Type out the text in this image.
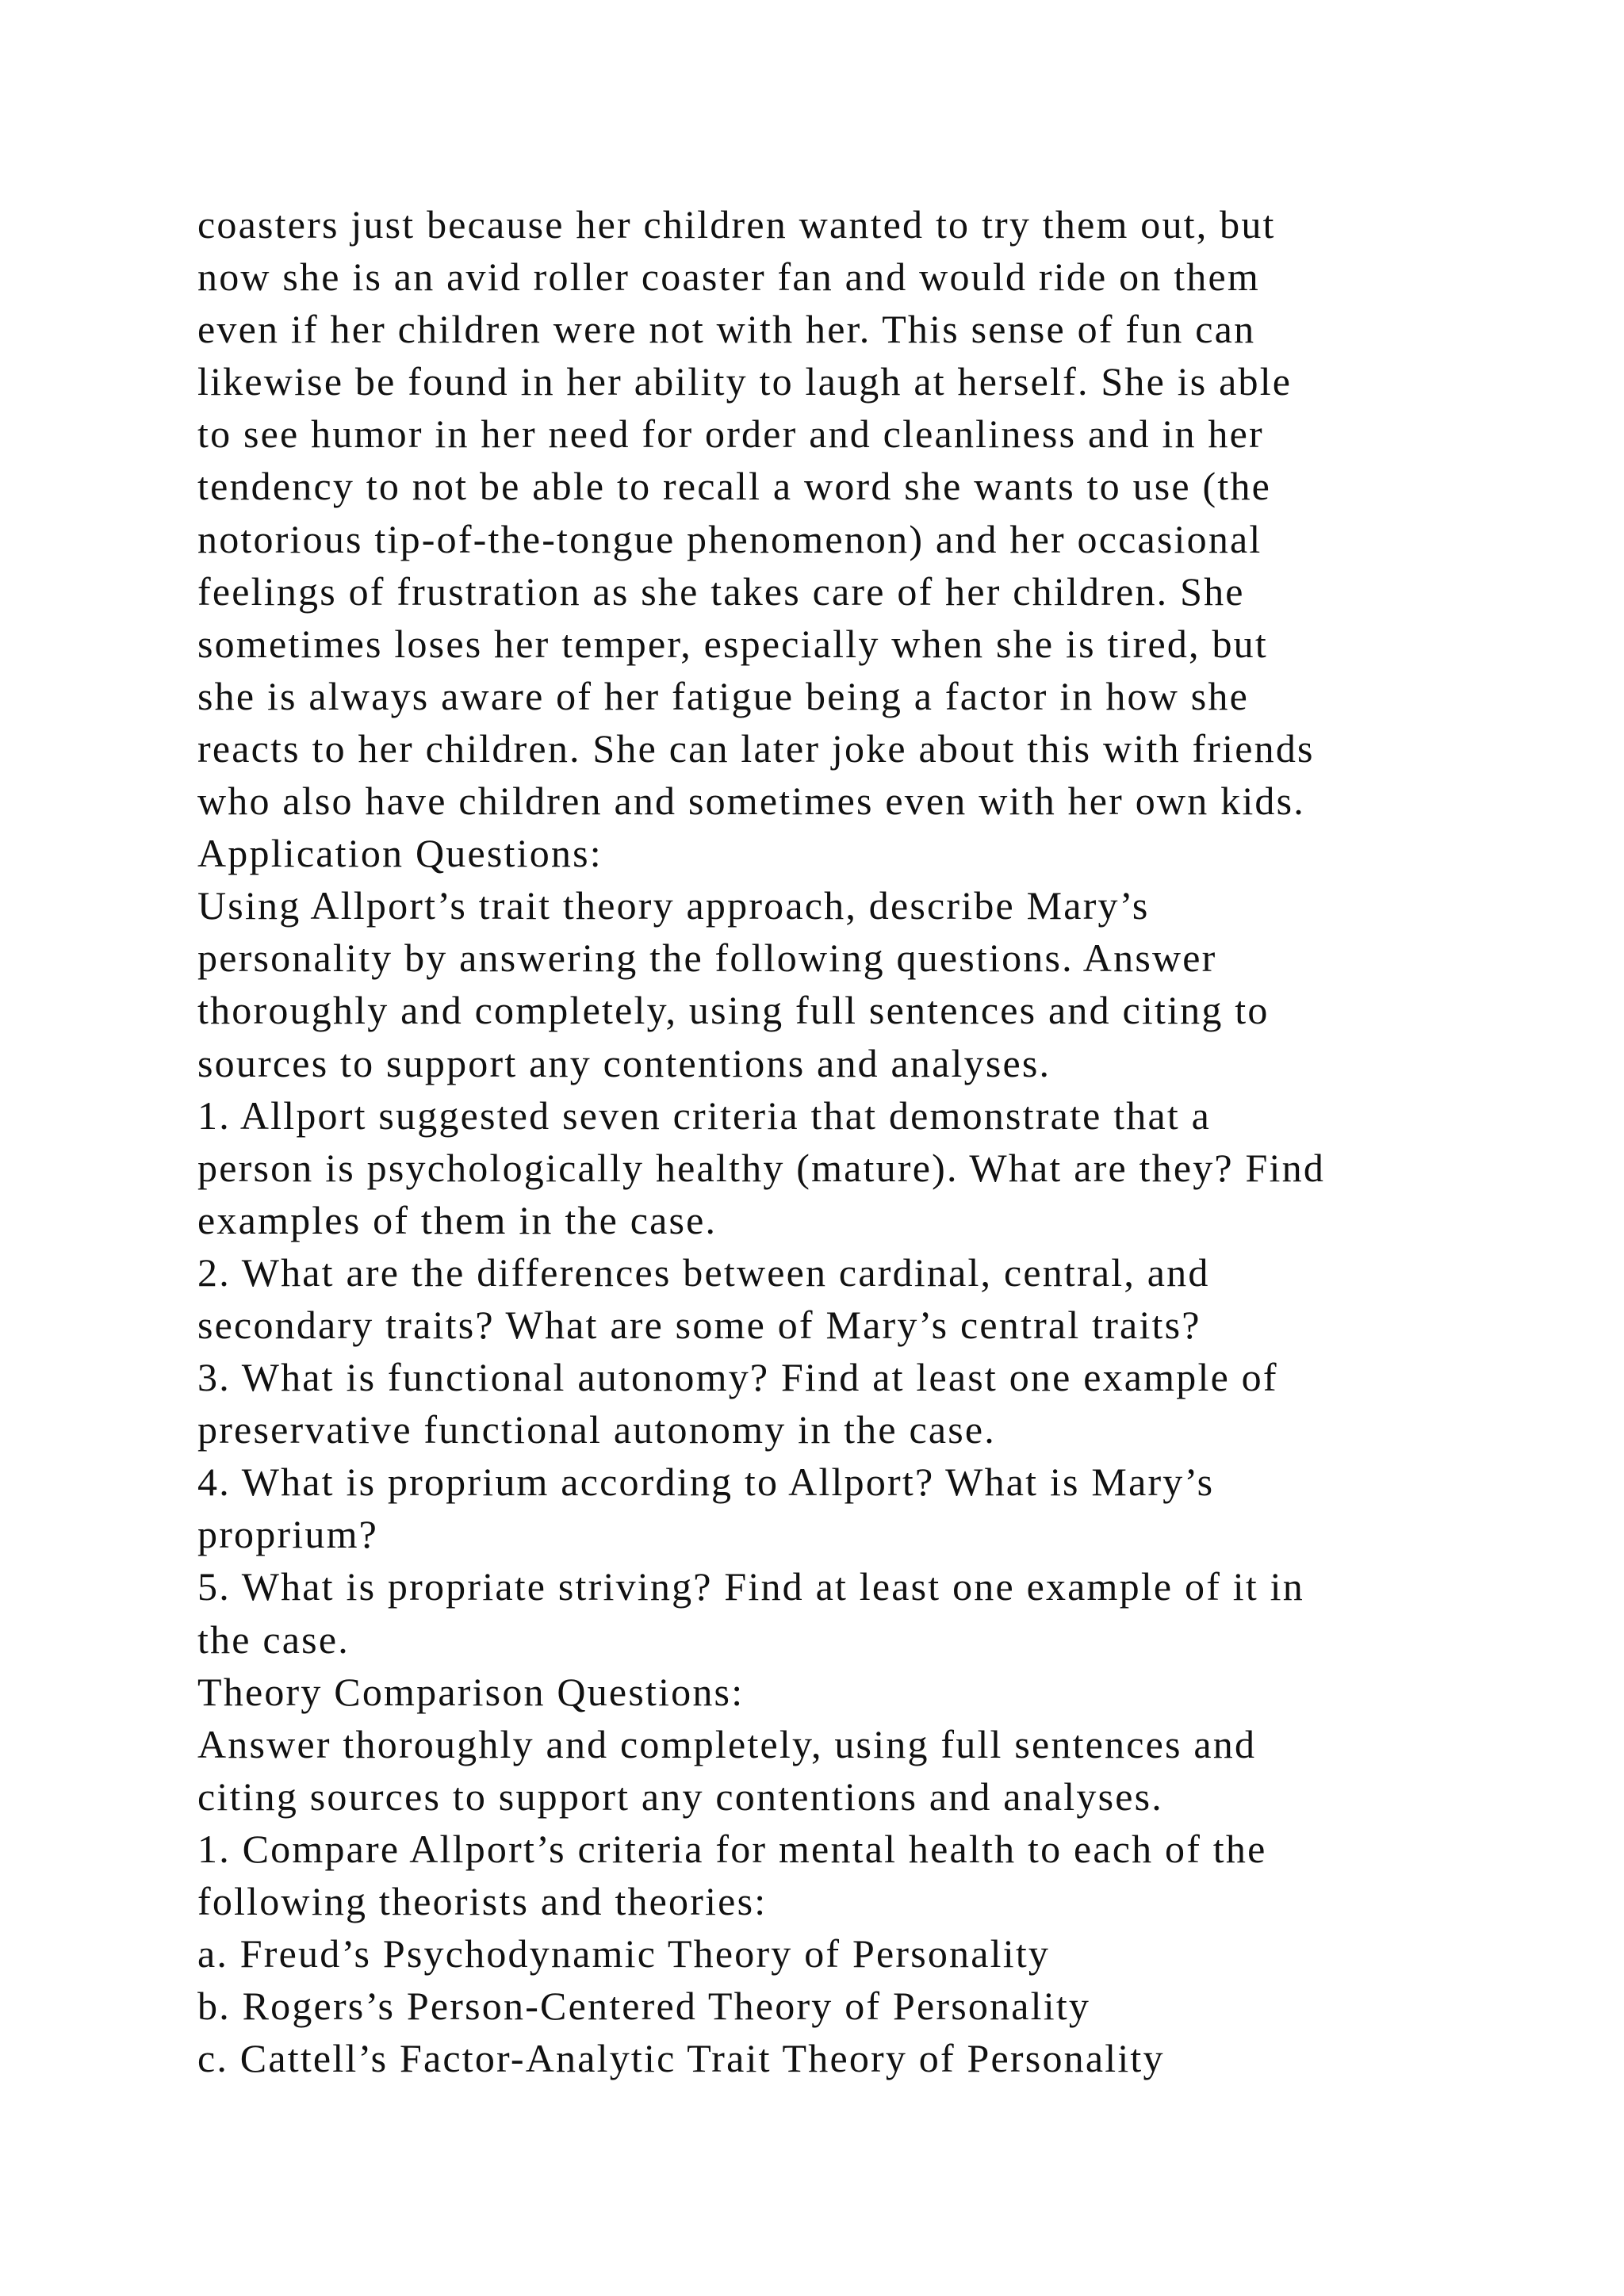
coasters just because her children wanted to try them out, but
now she is an avid roller coaster fan and would ride on them
even if her children were not with her. This sense of fun can
likewise be found in her ability to laugh at herself. She is able
to see humor in her need for order and cleanliness and in her
tendency to not be able to recall a word she wants to use (the
notorious tip-of-the-tongue phenomenon) and her occasional
feelings of frustration as she takes care of her children. She
sometimes loses her temper, especially when she is tired, but
she is always aware of her fatigue being a factor in how she
reacts to her children. She can later joke about this with friends
who also have children and sometimes even with her own kids.
Application Questions:
Using Allport’s trait theory approach, describe Mary’s
personality by answering the following questions. Answer
thoroughly and completely, using full sentences and citing to
sources to support any contentions and analyses.
1. Allport suggested seven criteria that demonstrate that a
person is psychologically healthy (mature). What are they? Find
examples of them in the case.
2. What are the differences between cardinal, central, and
secondary traits? What are some of Mary’s central traits?
3. What is functional autonomy? Find at least one example of
preservative functional autonomy in the case.
4. What is proprium according to Allport? What is Mary’s
proprium?
5. What is propriate striving? Find at least one example of it in
the case.
Theory Comparison Questions:
Answer thoroughly and completely, using full sentences and
citing sources to support any contentions and analyses.
1. Compare Allport’s criteria for mental health to each of the
following theorists and theories:
a. Freud’s Psychodynamic Theory of Personality
b. Rogers’s Person-Centered Theory of Personality
c. Cattell’s Factor-Analytic Trait Theory of Personality
